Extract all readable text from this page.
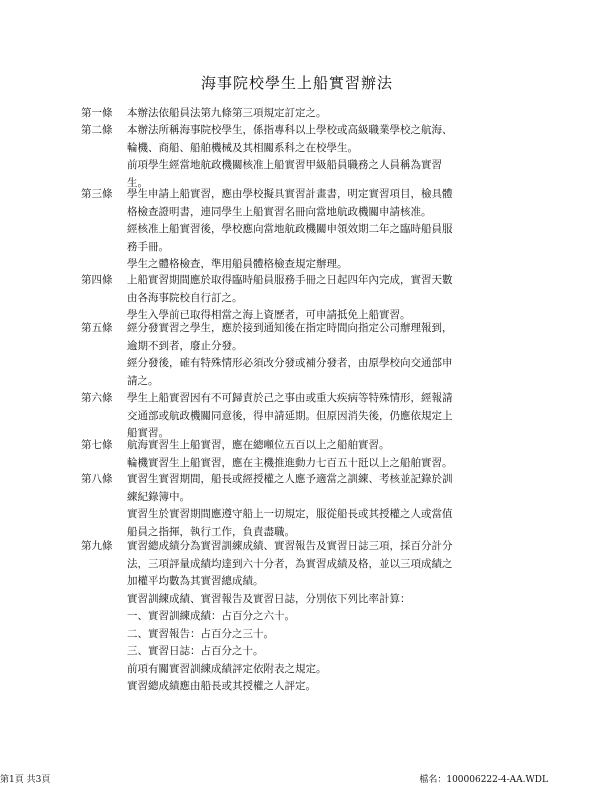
海事院校學生上船實習辦法
第一條 本辦法依船員法第九條第三項規定訂定之。
第二條 本辦法所稱海事院校學生，係指專科以上學校或高級職業學校之航海、
輪機、商船、船舶機械及其相關系科之在校學生。
前項學生經當地航政機關核准上船實習甲級船員職務之人員稱為實習
生。
第三條 學生申請上船實習，應由學校擬具實習計畫書，明定實習項目，檢具體
格檢查證明書，連同學生上船實習名冊向當地航政機關申請核准。
經核准上船實習後，學校應向當地航政機關申領效期二年之臨時船員服
務手冊。
學生之體格檢查，準用船員體格檢查規定辦理。
第四條 上船實習期間應於取得臨時船員服務手冊之日起四年內完成，實習天數
由各海事院校自行訂之。
學生入學前已取得相當之海上資歷者，可申請抵免上船實習。
第五條 經分發實習之學生，應於接到通知後在指定時間向指定公司辦理報到，
逾期不到者，廢止分發。
經分發後，確有特殊情形必須改分發或補分發者，由原學校向交通部申
請之。
第六條 學生上船實習因有不可歸責於己之事由或重大疾病等特殊情形，經報請
交通部或航政機關同意後，得申請延期。但原因消失後，仍應依規定上
船實習。
第七條 航海實習生上船實習，應在總噸位五百以上之船舶實習。
輪機實習生上船實習，應在主機推進動力七百五十瓩以上之船舶實習。
第八條 實習生實習期間，船長或經授權之人應予適當之訓練、考核並記錄於訓
練紀錄簿中。
實習生於實習期間應遵守船上一切規定，服從船長或其授權之人或當值
船員之指揮，執行工作，負責盡職。
第九條 實習總成績分為實習訓練成績、實習報告及實習日誌三項，採百分計分
法，三項評量成績均達到六十分者，為實習成績及格，並以三項成績之
加權平均數為其實習總成績。
實習訓練成績、實習報告及實習日誌，分別依下列比率計算：
一、實習訓練成績：占百分之六十。
二、實習報告：占百分之三十。
三、實習日誌：占百分之十。
前項有關實習訓練成績評定依附表之規定。
實習總成績應由船長或其授權之人評定。
第1頁 共3頁	檔名：100006222-4-AA.WDL
